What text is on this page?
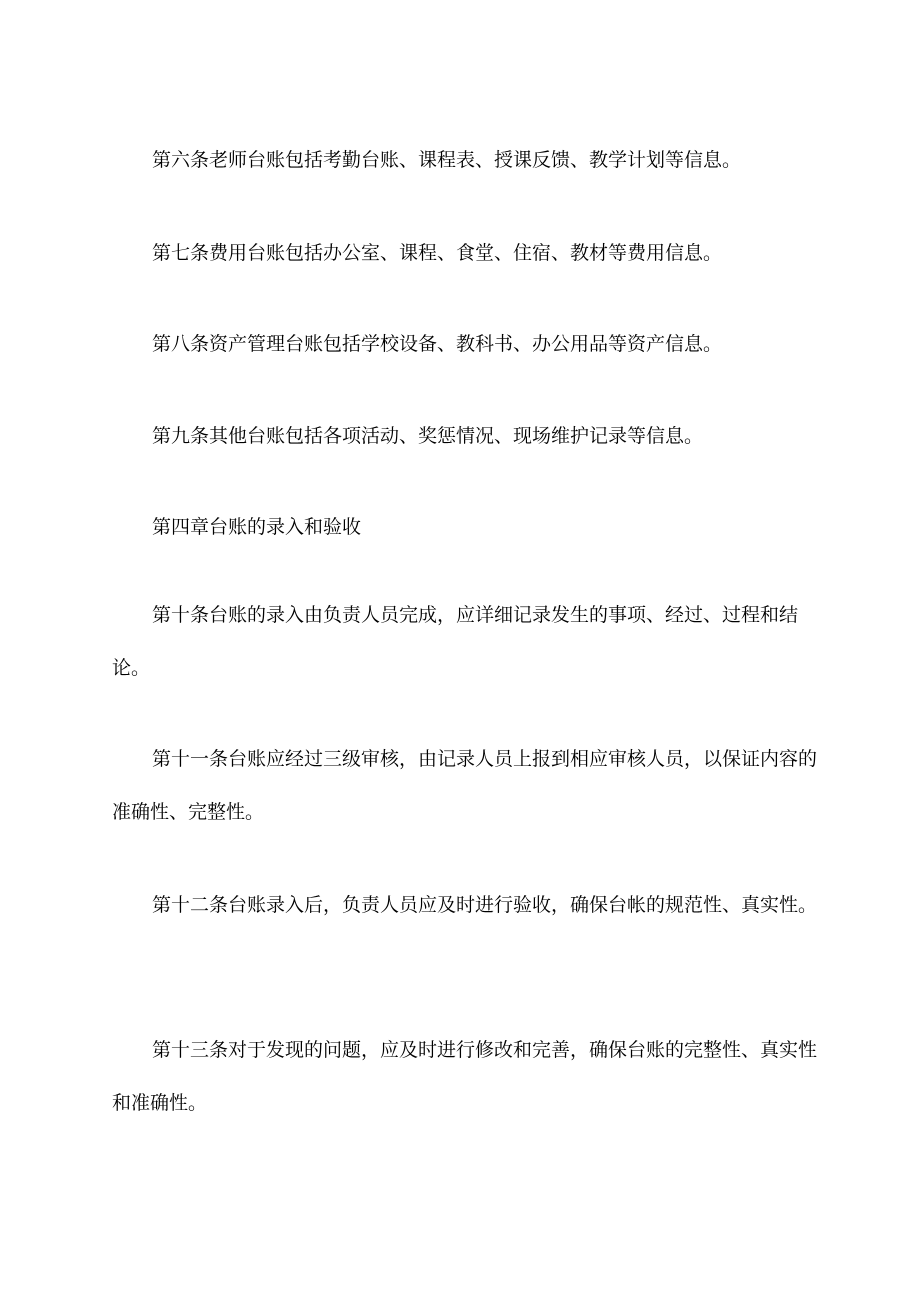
第六条老师台账包括考勤台账、课程表、授课反馈、教学计划等信息。

第七条费用台账包括办公室、课程、食堂、住宿、教材等费用信息。

第八条资产管理台账包括学校设备、教科书、办公用品等资产信息。

第九条其他台账包括各项活动、奖惩情况、现场维护记录等信息。

第四章台账的录入和验收

第十条台账的录入由负责人员完成，应详细记录发生的事项、经过、过程和结论。

第十一条台账应经过三级审核，由记录人员上报到相应审核人员，以保证内容的准确性、完整性。

第十二条台账录入后，负责人员应及时进行验收，确保台帐的规范性、真实性。

第十三条对于发现的问题，应及时进行修改和完善，确保台账的完整性、真实性和准确性。
